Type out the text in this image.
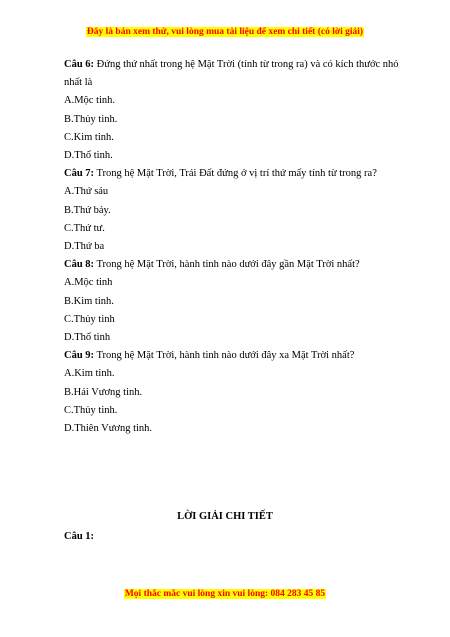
Đây là bản xem thử, vui lòng mua tài liệu để xem chi tiết (có lời giải)
Câu 6: Đứng thứ nhất trong hệ Mặt Trời (tính từ trong ra) và có kích thước nhỏ nhất là
A.Mộc tinh.
B.Thủy tinh.
C.Kim tinh.
D.Thổ tinh.
Câu 7: Trong hệ Mặt Trời, Trái Đất đứng ở vị trí thứ mấy tính từ trong ra?
A.Thứ sáu
B.Thứ bảy.
C.Thứ tư.
D.Thứ ba
Câu 8: Trong hệ Mặt Trời, hành tinh nào dưới đây gần Mặt Trời nhất?
A.Mộc tinh
B.Kim tinh.
C.Thủy tinh
D.Thổ tinh
Câu 9: Trong hệ Mặt Trời, hành tinh nào dưới đây xa Mặt Trời nhất?
A.Kim tinh.
B.Hải Vương tinh.
C.Thủy tinh.
D.Thiên Vương tinh.
LỜI GIẢI CHI TIẾT
Câu 1:
Mọi thắc mắc vui lòng xin vui lòng: 084 283 45 85
